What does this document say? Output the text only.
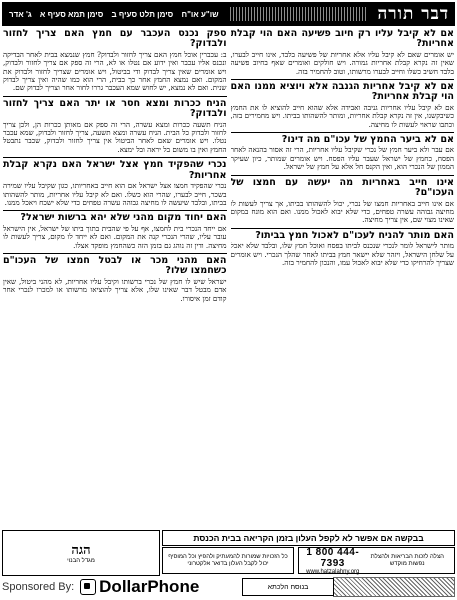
דבר תורה
שו"ע או"ח סימן תלט סעיף ב סימן תמא סעיף א ג' אדר
ספק נכנס העכבר עם חמץ האם צריך לחזור ולבדוק?

ב: עכברין אוכל חמץ האם צריך לחזור ולבדוק? חמץ שנמצא בבית לאחר הבדיקה ונכנס אליו עכבר ואין ידוע אם נטלו או לא, הרי זה ספק אם צריך לחזור ולבדוק, ויש אומרים שאין צריך לבדוק ודי בביטול, ויש אומרים שצריך לחזור ולבדוק את המקום. ואם נמצא החמץ אחר כך בבית, הרי הוא כמו שהיה ואין צריך לבדוק שנית. ואם לא נמצא, יש לחוש שמא העכבר גררו לחור אחר וצריך לבדוק שם.

הניח ככרות ומצא חסר או יתר האם צריך לחזור ולבדוק?

הניח תשעה ככרות ומצא עשרה, הרי זה ספק אם מאותן ככרות הן, ולכן צריך לחזור ולבדוק כל הבית. הניח עשרה ומצא תשעה, צריך לחזור ולבדוק, שמא עכבר נטלו. ויש אומרים שאם לאחר הביטול אין צריך לחזור ולבדוק, שכבר נתבטל החמץ ואין בו משום בל יראה ובל ימצא.

נכרי שהפקיד חמץ אצל ישראל האם נקרא קבלת אחריות?

נכרי שהפקיד חמצו אצל ישראל אם הוא חייב באחריותו, כגון שקיבל עליו שמירה בשכר, חייב לבערו, שהרי הוא כשלו. ואם לא קיבל עליו אחריות, מותר להשהותו בביתו, ובלבד שיעשה לו מחיצה גבוהה עשרה טפחים כדי שלא ישכח ויאכל ממנו.

האם יחוד מקום מהני שלא יהא ברשות ישראל?

אם ייחד הנכרי בית לחמצו, אף על פי שהבית בתוך ביתו של ישראל, אין הישראל עובר עליו, שהרי הנכרי קנה את המקום. ואם לא ייחד לו מקום, צריך לעשות לו מחיצה. ודין זה נוהג גם בזמן הזה כשהחמץ מופקד אצלו.

האם מהני מכר או לבטל חמצו של העכו"ם כשחמצו שלו?

ישראל שיש לו חמץ של נכרי ברשותו וקיבל עליו אחריות, לא מהני ביטול, שאין אדם מבטל דבר שאינו שלו, אלא צריך להוציאו מרשותו או למכרו לנכרי אחר קודם זמן איסורו.

אם לא קיבל עליו רק חיוב פשיעה האם הוי קבלת אחריות?

יש אומרים שאם לא קיבל עליו אלא אחריות של פשיעה בלבד, אינו חייב לבערו, שאין זה נקרא קבלת אחריות גמורה. ויש חולקים ואומרים שאף בחיוב פשיעה בלבד חשיב כשלו וחייב לבערו מרשותו, וטוב להחמיר בזה.

אם לא קיבל אחריות הגנבה אלא ויוציא ממנו האם הוי קבלת אחריות?

אם לא קיבל עליו אחריות גניבה ואבידה אלא שהוא חייב להוציא לו את החמץ כשיבקשנו, אין זה נקרא קבלת אחריות, ומותר להשהותו בביתו. ויש מחמירים בזה, וכתבו שראוי לעשות לו מחיצה.

אם לא ביער החמץ של עכו"ם מה דינו?

אם עבר ולא ביער חמץ של נכרי שקיבל עליו אחריות, הרי זה אסור בהנאה לאחר הפסח, כחמץ של ישראל שעבר עליו הפסח. ויש אומרים שמותר, כיון שעיקר הממון של הנכרי הוא, ואין הקנס חל אלא על חמץ של ישראל.

אינו חייב באחריות מה יעשה עם חמצו של העכו"ם?

אם אינו חייב באחריות חמצו של נכרי, יכול להשהותו בביתו, אך צריך לעשות לו מחיצה גבוהה עשרה טפחים, כדי שלא יבוא לאכול ממנו. ואם הוא מונח במקום שאינו מצוי שם, אין צריך מחיצה.

האם מותר להניח לעכו"ם לאכול חמץ בביתו?

מותר לישראל לומר לנכרי שנכנס לביתו בפסח ואוכל חמץ שלו, ובלבד שלא יאכל על שלחן הישראל, ויזהר שלא יישאר חמץ בביתו לאחר שהלך הנכרי. ויש אומרים שצריך להרחיקו כדי שלא יבוא לאכול עמו, והנכון להחמיר בזה.

בבקשה אם אפשר לא לקפל העלון בזמן הקריאה בבית הכנסת
הצלה לזכות הבריאות ולהצלת נפשות מוקדש
1 800 444-7393
www.hatzalahny.org
כל הזכויות שמורות להמעתיק ולהפיץ וכל המוסיף יכול לקבל העלון בדואר אלקטרוני
הגה
מגדל הבנוי
Sponsored By: DollarPhone	בנוסח הלכתא
